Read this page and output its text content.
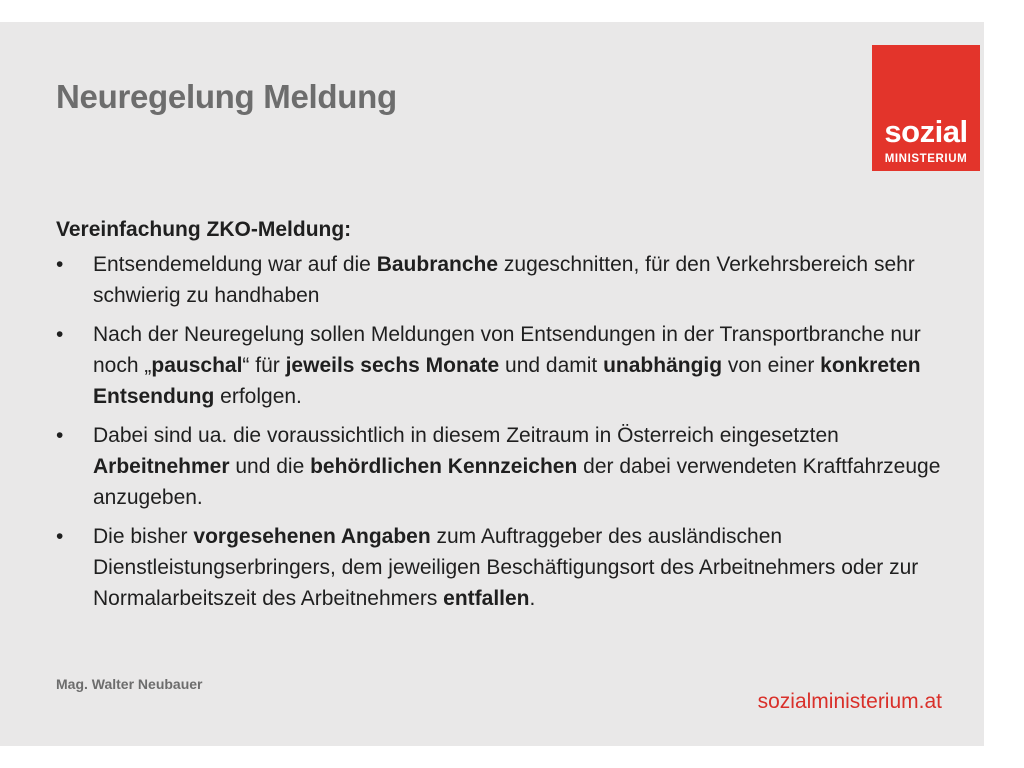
Neuregelung Meldung
sozial
MINISTERIUM
Vereinfachung ZKO-Meldung:
• Entsendemeldung war auf die Baubranche zugeschnitten, für den Verkehrsbereich sehr schwierig zu handhaben
• Nach der Neuregelung sollen Meldungen von Entsendungen in der Transportbranche nur noch „pauschal“ für jeweils sechs Monate und damit unabhängig von einer konkreten Entsendung erfolgen.
• Dabei sind ua. die voraussichtlich in diesem Zeitraum in Österreich eingesetzten Arbeitnehmer und die behördlichen Kennzeichen der dabei verwendeten Kraftfahrzeuge anzugeben.
• Die bisher vorgesehenen Angaben zum Auftraggeber des ausländischen Dienstleistungserbringers, dem jeweiligen Beschäftigungsort des Arbeitnehmers oder zur Normalarbeitszeit des Arbeitnehmers entfallen.
Mag. Walter Neubauer
sozialministerium.at
